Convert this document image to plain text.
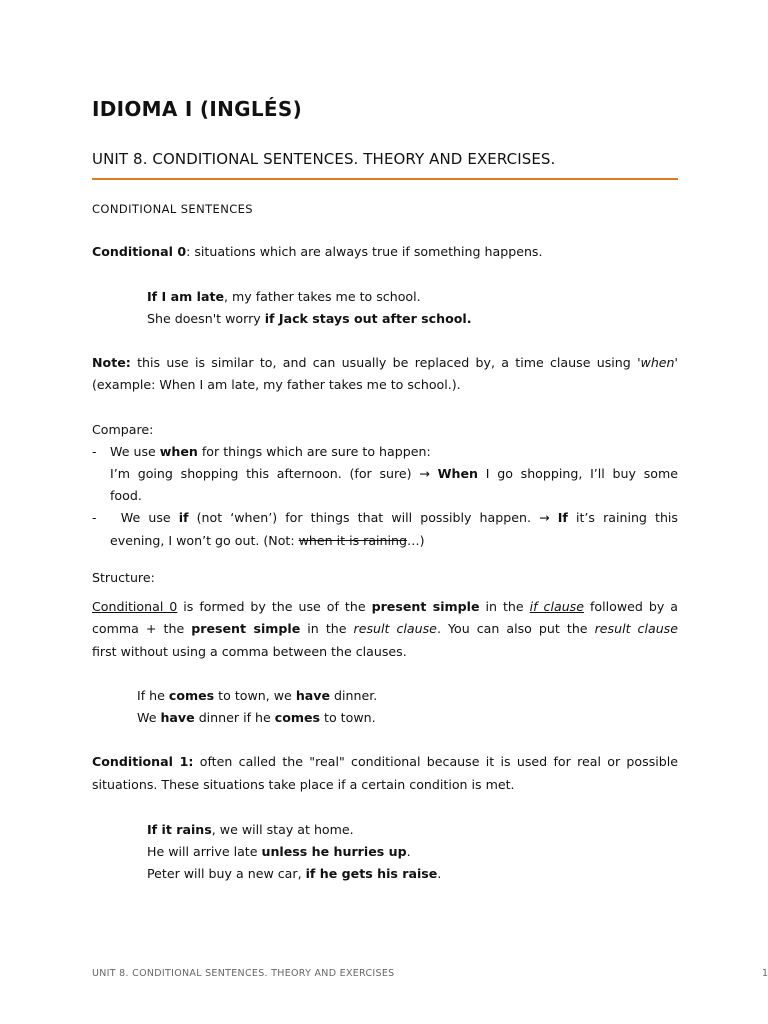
IDIOMA I (INGLÉS)
UNIT 8. CONDITIONAL SENTENCES. THEORY AND EXERCISES.
CONDITIONAL SENTENCES
Conditional 0: situations which are always true if something happens.
If I am late, my father takes me to school.
She doesn't worry if Jack stays out after school.
Note: this use is similar to, and can usually be replaced by, a time clause using 'when'
(example: When I am late, my father takes me to school.).
Compare:
- We use when for things which are sure to happen:
I’m going shopping this afternoon. (for sure) → When I go shopping, I’ll buy some
food.
- We use if (not ‘when’) for things that will possibly happen. → If it’s raining this
evening, I won’t go out. (Not: when it is raining…)
Structure:
Conditional 0 is formed by the use of the present simple in the if clause followed by a
comma + the present simple in the result clause. You can also put the result clause
first without using a comma between the clauses.
If he comes to town, we have dinner.
We have dinner if he comes to town.
Conditional 1: often called the "real" conditional because it is used for real or possible
situations. These situations take place if a certain condition is met.
If it rains, we will stay at home.
He will arrive late unless he hurries up.
Peter will buy a new car, if he gets his raise.
UNIT 8. CONDITIONAL SENTENCES. THEORY AND EXERCISES	1
